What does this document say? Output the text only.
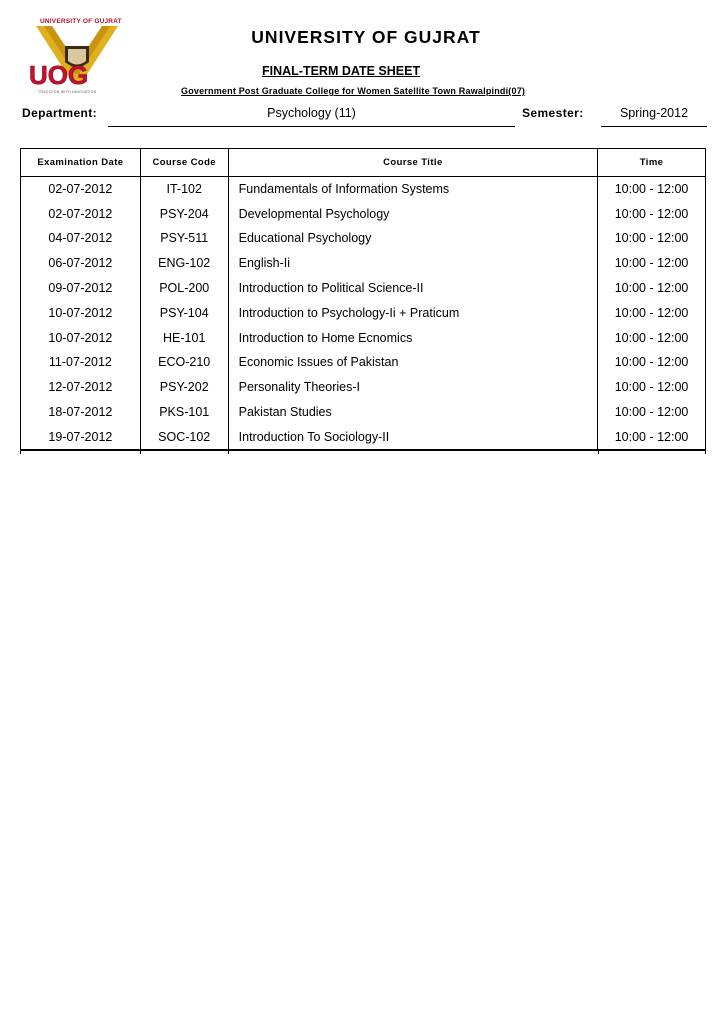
UNIVERSITY OF GUJRAT
UOG
TRADITION WITH INNOVATION
UNIVERSITY OF GUJRAT
FINAL-TERM DATE SHEET
Government Post Graduate College for Women Satellite Town Rawalpindi(07)
Department:	Psychology (11)	Semester:	Spring-2012
Examination Date	Course Code	Course Title	Time
02-07-2012	IT-102	Fundamentals of Information Systems	10:00 - 12:00
02-07-2012	PSY-204	Developmental Psychology	10:00 - 12:00
04-07-2012	PSY-511	Educational Psychology	10:00 - 12:00
06-07-2012	ENG-102	English-Ii	10:00 - 12:00
09-07-2012	POL-200	Introduction to Political Science-II	10:00 - 12:00
10-07-2012	PSY-104	Introduction to Psychology-Ii + Praticum	10:00 - 12:00
10-07-2012	HE-101	Introduction to Home Ecnomics	10:00 - 12:00
11-07-2012	ECO-210	Economic Issues of Pakistan	10:00 - 12:00
12-07-2012	PSY-202	Personality Theories-I	10:00 - 12:00
18-07-2012	PKS-101	Pakistan Studies	10:00 - 12:00
19-07-2012	SOC-102	Introduction To Sociology-II	10:00 - 12:00
